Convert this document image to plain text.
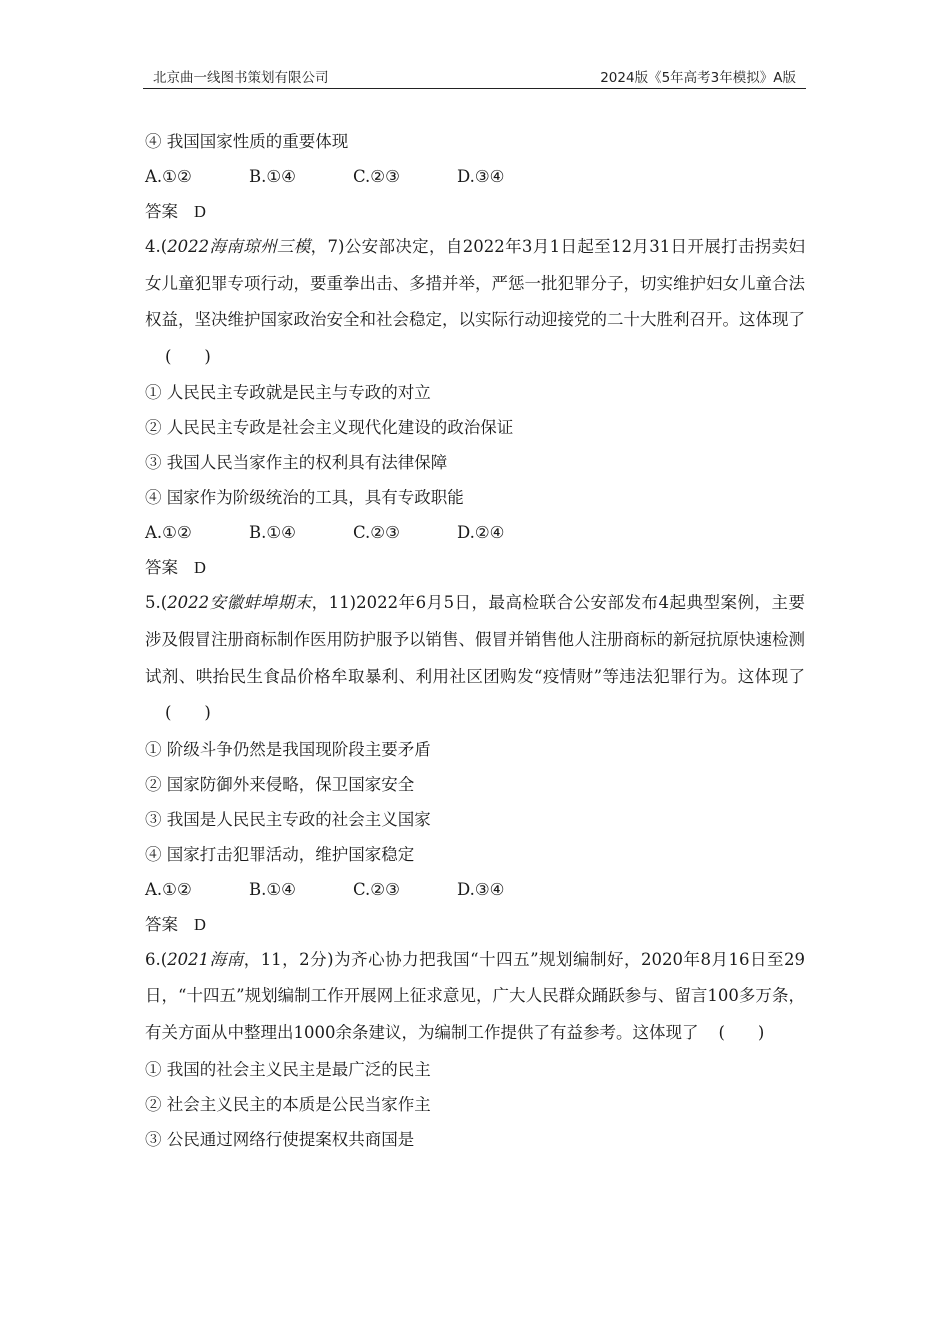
北京曲一线图书策划有限公司	2024版《5年高考3年模拟》A版
④ 我国国家性质的重要体现
A.①②	B.①④	C.②③	D.③④
答案 D
4.(2022海南琼州三模，7)公安部决定，自2022年3月1日起至12月31日开展打击拐卖妇女儿童犯罪专项行动，要重拳出击、多措并举，严惩一批犯罪分子，切实维护妇女儿童合法权益，坚决维护国家政治安全和社会稳定，以实际行动迎接党的二十大胜利召开。这体现了(　　)
① 人民民主专政就是民主与专政的对立
② 人民民主专政是社会主义现代化建设的政治保证
③ 我国人民当家作主的权利具有法律保障
④ 国家作为阶级统治的工具，具有专政职能
A.①②	B.①④	C.②③	D.②④
答案 D
5.(2022安徽蚌埠期末，11)2022年6月5日，最高检联合公安部发布4起典型案例，主要涉及假冒注册商标制作医用防护服予以销售、假冒并销售他人注册商标的新冠抗原快速检测试剂、哄抬民生食品价格牟取暴利、利用社区团购发“疫情财”等违法犯罪行为。这体现了(　　)
① 阶级斗争仍然是我国现阶段主要矛盾
② 国家防御外来侵略，保卫国家安全
③ 我国是人民民主专政的社会主义国家
④ 国家打击犯罪活动，维护国家稳定
A.①②	B.①④	C.②③	D.③④
答案 D
6.(2021海南，11，2分)为齐心协力把我国“十四五”规划编制好，2020年8月16日至29日，“十四五”规划编制工作开展网上征求意见，广大人民群众踊跃参与、留言100多万条，有关方面从中整理出1000余条建议，为编制工作提供了有益参考。这体现了 (　　)
① 我国的社会主义民主是最广泛的民主
② 社会主义民主的本质是公民当家作主
③ 公民通过网络行使提案权共商国是
